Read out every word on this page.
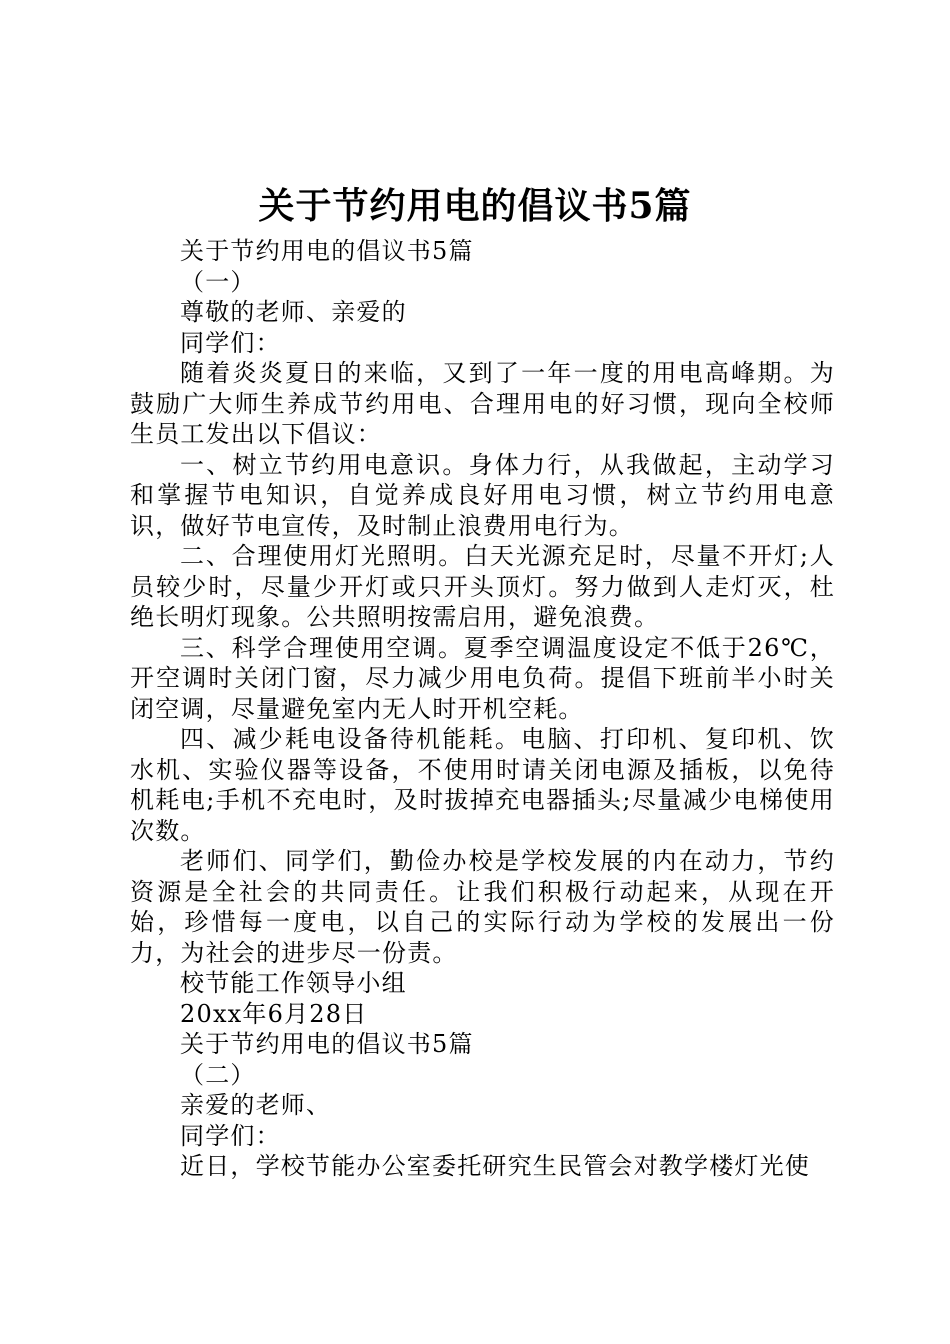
关于节约用电的倡议书5篇

关于节约用电的倡议书5篇

（一）

尊敬的老师、亲爱的

同学们：

随着炎炎夏日的来临，又到了一年一度的用电高峰期。为鼓励广大师生养成节约用电、合理用电的好习惯，现向全校师生员工发出以下倡议：

一、树立节约用电意识。身体力行，从我做起，主动学习和掌握节电知识，自觉养成良好用电习惯，树立节约用电意识，做好节电宣传，及时制止浪费用电行为。

二、合理使用灯光照明。白天光源充足时，尽量不开灯;人员较少时，尽量少开灯或只开头顶灯。努力做到人走灯灭，杜绝长明灯现象。公共照明按需启用，避免浪费。

三、科学合理使用空调。夏季空调温度设定不低于26℃，开空调时关闭门窗，尽力减少用电负荷。提倡下班前半小时关闭空调，尽量避免室内无人时开机空耗。

四、减少耗电设备待机能耗。电脑、打印机、复印机、饮水机、实验仪器等设备，不使用时请关闭电源及插板，以免待机耗电;手机不充电时，及时拔掉充电器插头;尽量减少电梯使用次数。

老师们、同学们，勤俭办校是学校发展的内在动力，节约资源是全社会的共同责任。让我们积极行动起来，从现在开始，珍惜每一度电，以自己的实际行动为学校的发展出一份力，为社会的进步尽一份责。

校节能工作领导小组

20xx年6月28日

关于节约用电的倡议书5篇

（二）

亲爱的老师、

同学们：

近日，学校节能办公室委托研究生民管会对教学楼灯光使
